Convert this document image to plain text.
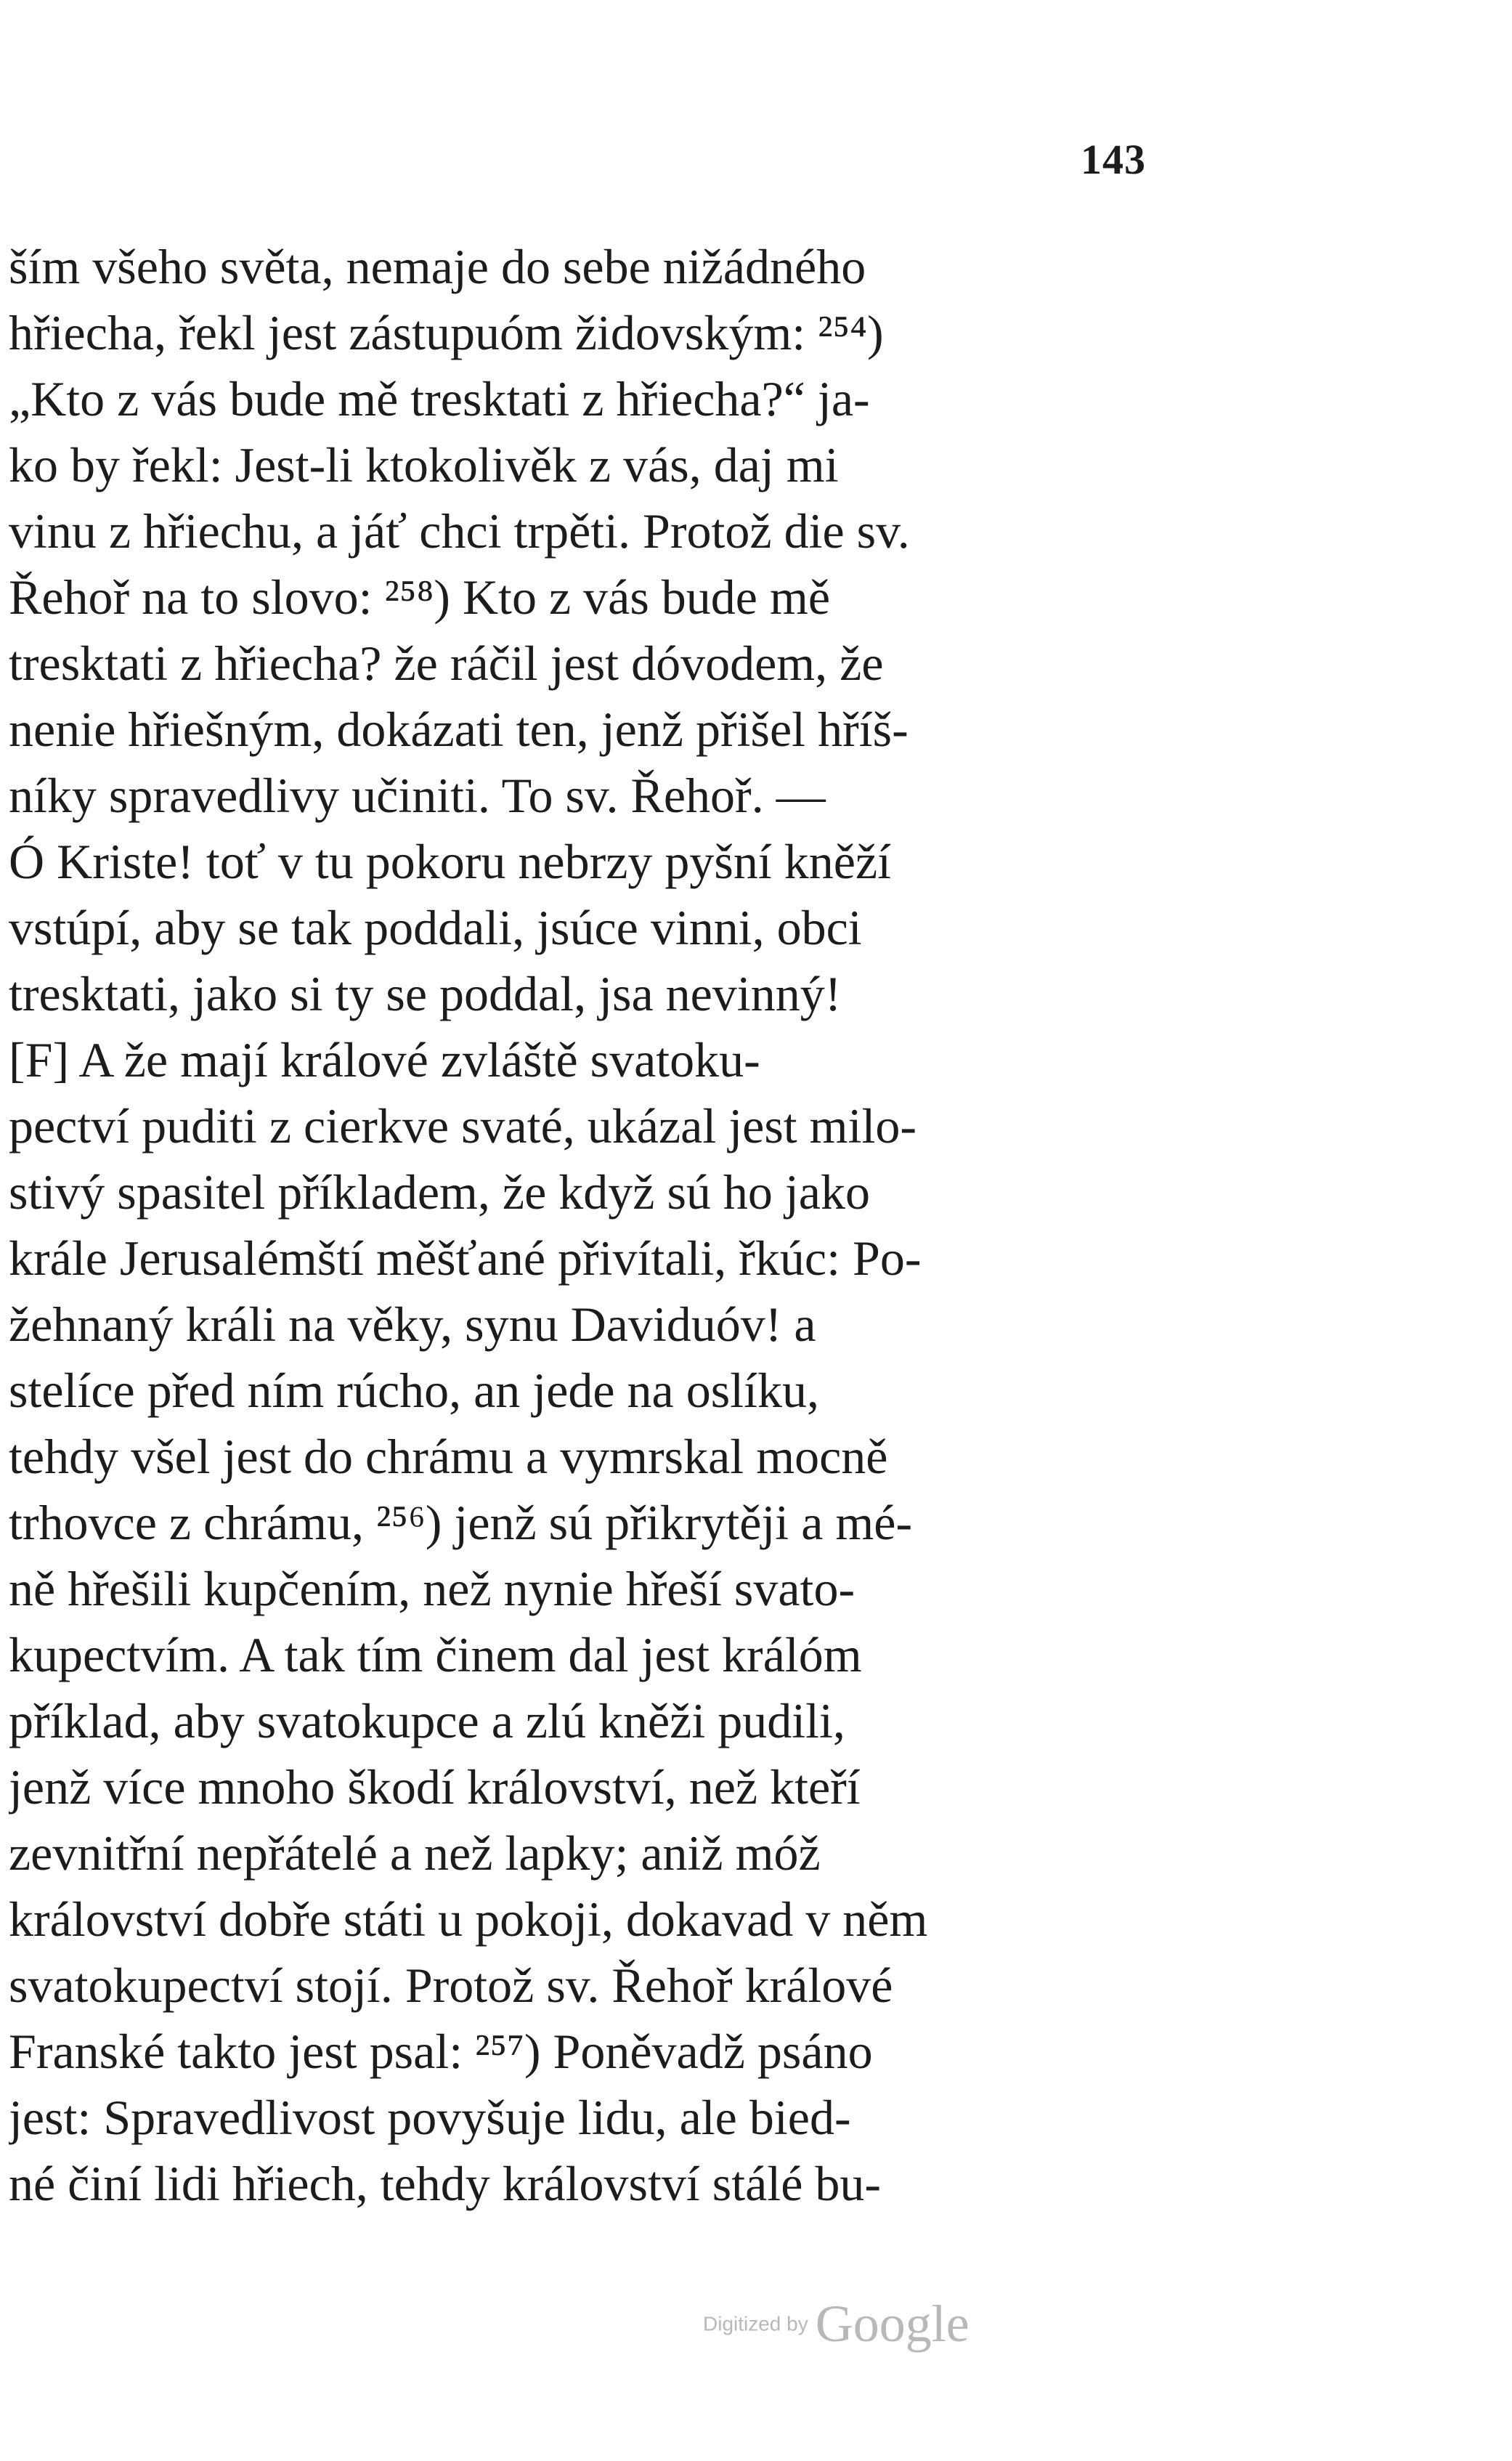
143
ším všeho světa, nemaje do sebe nižádného
hřiecha, řekl jest zástupuóm židovským: ²⁵⁴)
„Kto z vás bude mě tresktati z hřiecha?“ ja-
ko by řekl: Jest-li ktokolivěk z vás, daj mi
vinu z hřiechu, a jáť chci trpěti. Protož die sv.
Řehoř na to slovo: ²⁵⁸) Kto z vás bude mě
tresktati z hřiecha? že ráčil jest dóvodem, že
nenie hřiešným, dokázati ten, jenž přišel hříš-
níky spravedlivy učiniti. To sv. Řehoř. —
Ó Kriste! toť v tu pokoru nebrzy pyšní kněží
vstúpí, aby se tak poddali, jsúce vinni, obci
tresktati, jako si ty se poddal, jsa nevinný!
[F] A že mají králové zvláště svatoku-
pectví puditi z cierkve svaté, ukázal jest milo-
stivý spasitel příkladem, že když sú ho jako
krále Jerusalémští měšťané přivítali, řkúc: Po-
žehnaný králi na věky, synu Daviduóv! a
stelíce před ním rúcho, an jede na oslíku,
tehdy všel jest do chrámu a vymrskal mocně
trhovce z chrámu, ²⁵⁶) jenž sú přikrytěji a mé-
ně hřešili kupčením, než nynie hřeší svato-
kupectvím. A tak tím činem dal jest králóm
příklad, aby svatokupce a zlú kněži pudili,
jenž více mnoho škodí království, než kteří
zevnitřní nepřátelé a než lapky; aniž móž
království dobře státi u pokoji, dokavad v něm
svatokupectví stojí. Protož sv. Řehoř králové
Franské takto jest psal: ²⁵⁷) Poněvadž psáno
jest: Spravedlivost povyšuje lidu, ale bied-
né činí lidi hřiech, tehdy království stálé bu-
Digitized by Google
